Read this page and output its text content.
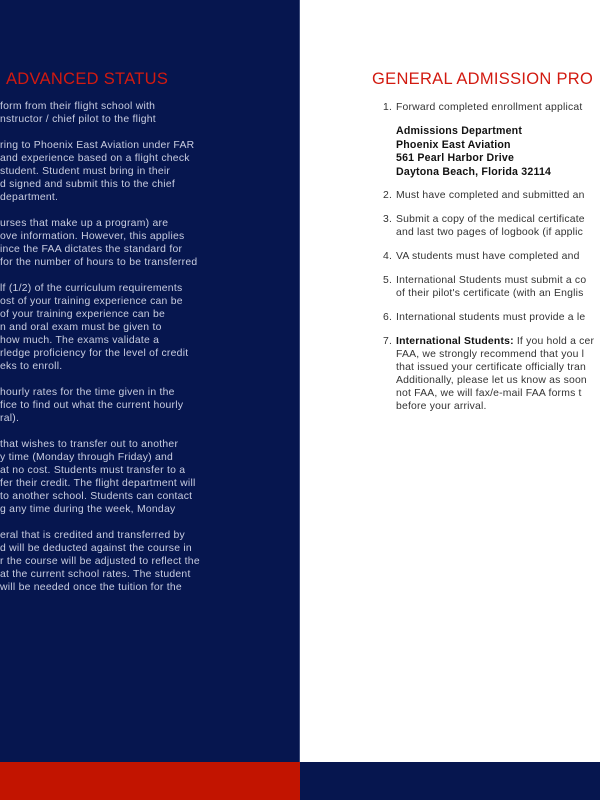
ADVANCED STATUS
form from their flight school with
nstructor / chief pilot to the flight
ring to Phoenix East Aviation under FAR
and experience based on a flight check
student. Student must bring in their
d signed and submit this to the chief
department.
urses that make up a program) are
ove information. However, this applies
ince the FAA dictates the standard for
for the number of hours to be transferred
lf (1/2) of the curriculum requirements
ost of your training experience can be
of your training experience can be
n and oral exam must be given to
how much. The exams validate a
rledge proficiency for the level of credit
eks to enroll.
hourly rates for the time given in the
fice to find out what the current hourly
ral).
that wishes to transfer out to another
y time (Monday through Friday) and
at no cost. Students must transfer to a
fer their credit. The flight department will
to another school. Students can contact
g any time during the week, Monday
eral that is credited and transferred by
d will be deducted against the course in
r the course will be adjusted to reflect the
at the current school rates. The student
will be needed once the tuition for the
GENERAL ADMISSION PRO
1. Forward completed enrollment applicat
Admissions Department
Phoenix East Aviation
561 Pearl Harbor Drive
Daytona Beach, Florida 32114
2. Must have completed and submitted an
3. Submit a copy of the medical certificate
and last two pages of logbook (if applic
4. VA students must have completed and
5. International Students must submit a co
of their pilot's certificate (with an Englis
6. International students must provide a le
7. International Students: If you hold a cer
FAA, we strongly recommend that you l
that issued your certificate officially tran
Additionally, please let us know as soon
not FAA, we will fax/e-mail FAA forms t
before your arrival.
